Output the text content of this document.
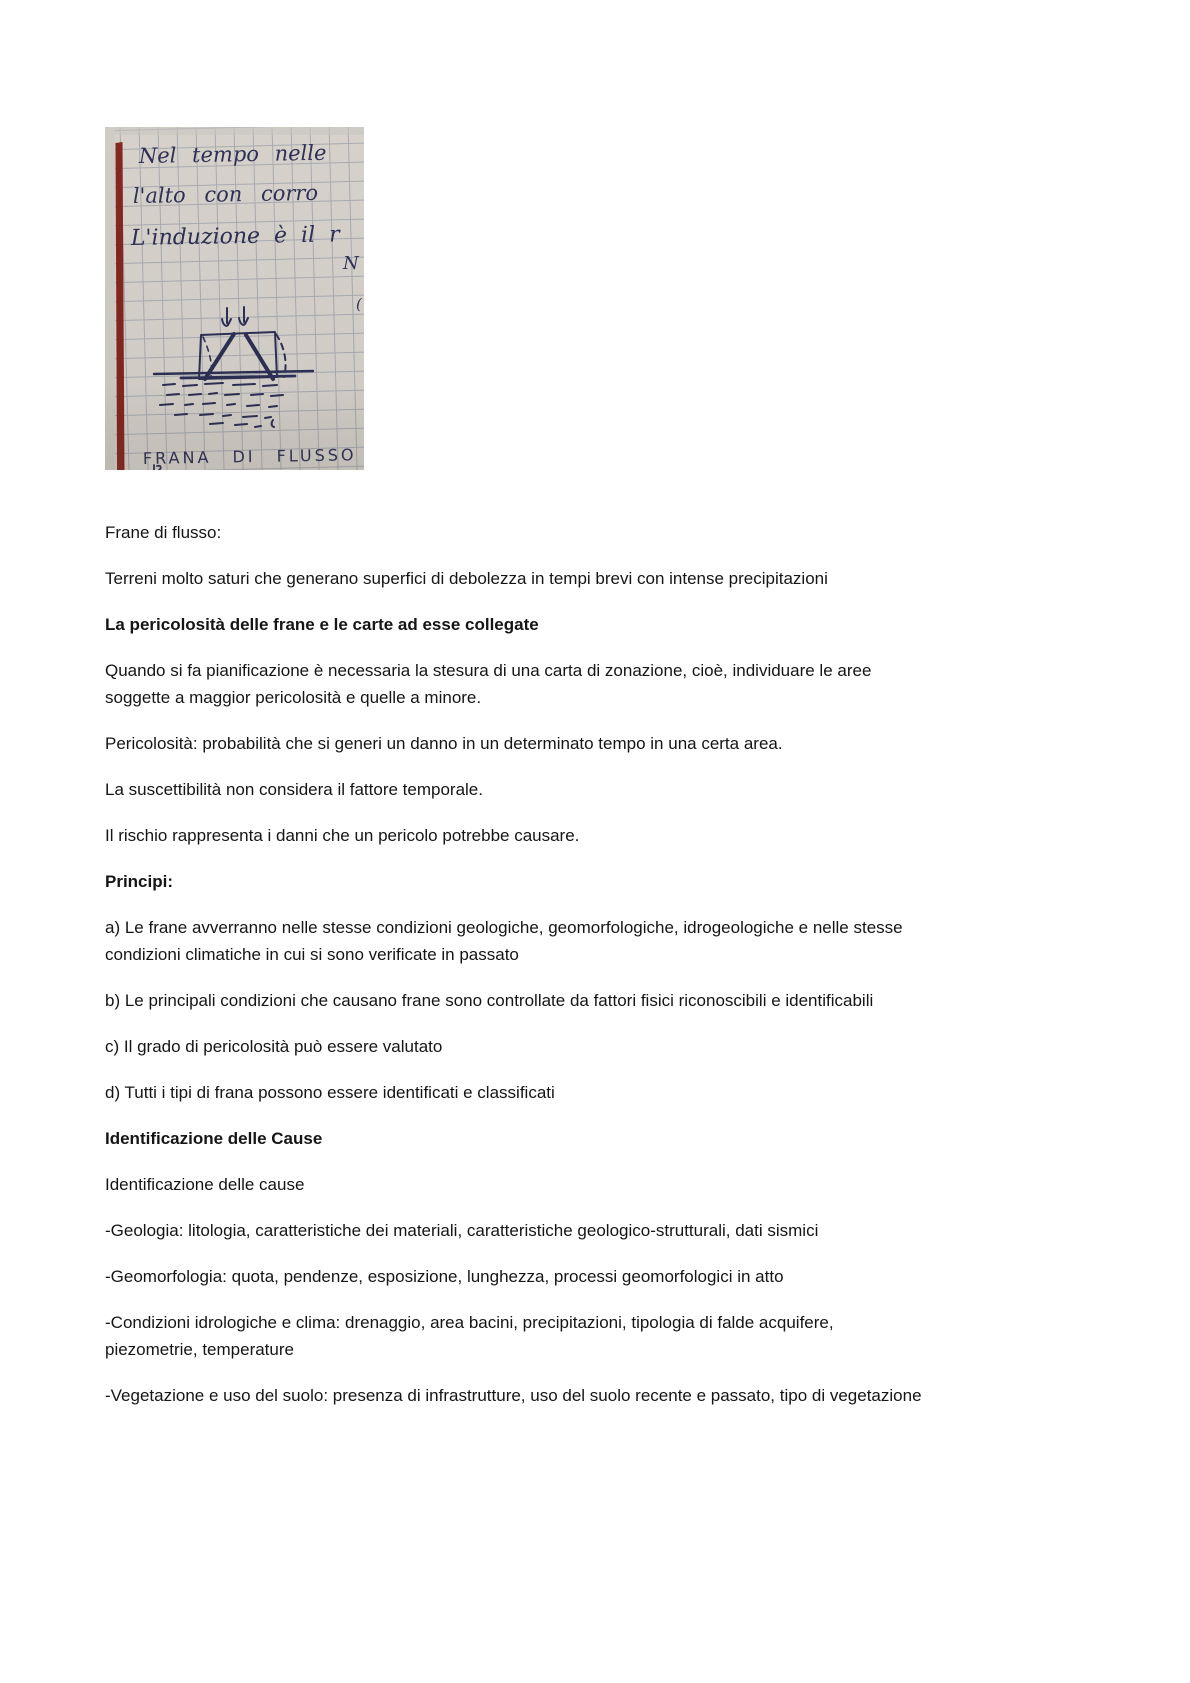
Frane di flusso:

Terreni molto saturi che generano superfici di debolezza in tempi brevi con intense precipitazioni

La pericolosità delle frane e le carte ad esse collegate

Quando si fa pianificazione è necessaria la stesura di una carta di zonazione, cioè, individuare le aree
soggette a maggior pericolosità e quelle a minore.

Pericolosità: probabilità che si generi un danno in un determinato tempo in una certa area.

La suscettibilità non considera il fattore temporale.

Il rischio rappresenta i danni che un pericolo potrebbe causare.

Principi:

a) Le frane avverranno nelle stesse condizioni geologiche, geomorfologiche, idrogeologiche e nelle stesse
condizioni climatiche in cui si sono verificate in passato

b) Le principali condizioni che causano frane sono controllate da fattori fisici riconoscibili e identificabili

c) Il grado di pericolosità può essere valutato

d) Tutti i tipi di frana possono essere identificati e classificati

Identificazione delle Cause

Identificazione delle cause

-Geologia: litologia, caratteristiche dei materiali, caratteristiche geologico-strutturali, dati sismici

-Geomorfologia: quota, pendenze, esposizione, lunghezza, processi geomorfologici in atto

-Condizioni idrologiche e clima: drenaggio, area bacini, precipitazioni, tipologia di falde acquifere,
piezometrie, temperature

-Vegetazione e uso del suolo: presenza di infrastrutture, uso del suolo recente e passato, tipo di vegetazione
